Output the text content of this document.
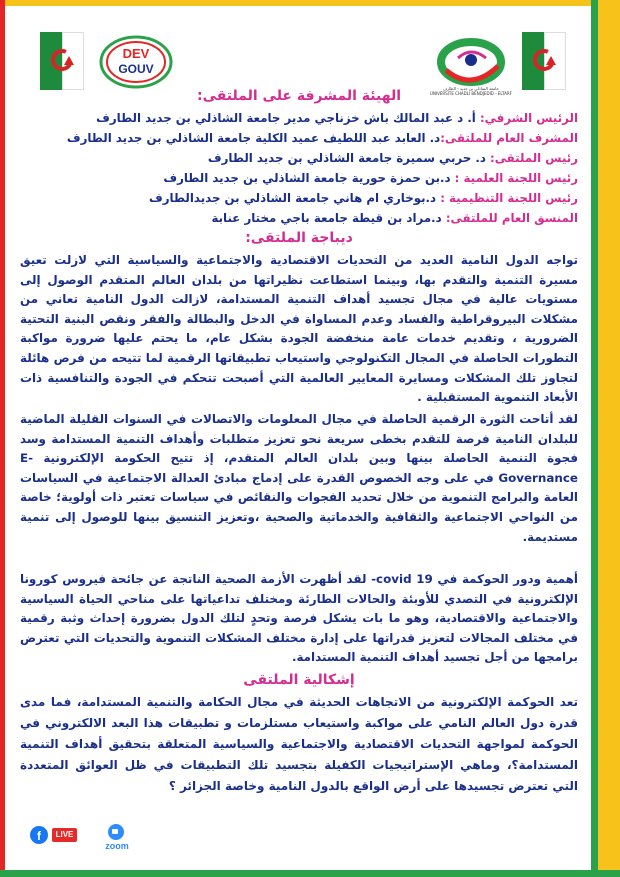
DEV
GOUV
جامعة الشاذلي بن جديد - الطارف
UNIVERSITE CHADLI BENDJEDID - ELTARF
الهيئة المشرفة على الملتقى:
الرئيس الشرفي: أ. د عبد المالك باش خزناجي مدير جامعة الشاذلي بن جديد الطارف
المشرف العام للملتقى:د. العابد عبد اللطيف عميد الكلية جامعة الشاذلي بن جديد الطارف
رئيس الملتقى: د. حربي سميرة جامعة الشاذلي بن جديد الطارف
رئيس اللجنة العلمية : د.بن حمزة حورية جامعة الشاذلي بن جديد الطارف
رئيس اللجنة التنظيمية : د.بوخاري ام هاني جامعة الشاذلي بن جديدالطارف
المنسق العام للملتقى: د.مراد بن قيطة جامعة باجي مختار عنابة
ديباجة الملتقى:
تواجه الدول النامية العديد من التحديات الاقتصادية والاجتماعية والسياسية التي لازلت تعيق مسيرة التنمية والتقدم بها، وبينما استطاعت نظيراتها من بلدان العالم المتقدم الوصول إلى مستويات عالية في مجال تجسيد أهداف التنمية المستدامة، لازالت الدول النامية تعاني من مشكلات البيروقراطية والفساد وعدم المساواة في الدخل والبطالة والفقر ونقص البنية التحتية الضرورية ، وتقديم خدمات عامة منخفضة الجودة بشكل عام، ما يحتم عليها ضرورة مواكبة التطورات الحاصلة في المجال التكنولوجي واستيعاب تطبيقاتها الرقمية لما تتيحه من فرص هائلة لتجاوز تلك المشكلات ومسايرة المعايير العالمية التي أصبحت تتحكم في الجودة والتنافسية ذات الأبعاد التنموية المستقبلية .
لقد أتاحت الثورة الرقمية الحاصلة في مجال المعلومات والاتصالات في السنوات القليلة الماضية للبلدان النامية فرصة للتقدم بخطى سريعة نحو تعزيز متطلبات وأهداف التنمية المستدامة وسد فجوة التنمية الحاصلة بينها وبين بلدان العالم المتقدم، إذ تتيح الحكومة الإلكترونية E-Governance في على وجه الخصوص القدرة على إدماج مبادئ العدالة الاجتماعية في السياسات العامة والبرامج التنموية من خلال تحديد الفجوات والنقائص في سياسات تعتبر ذات أولوية؛ خاصة من النواحي الاجتماعية والثقافية والخدماتية والصحية ،وتعزيز التنسيق بينها للوصول إلى تنمية مستديمة.
أهمية ودور الحوكمة في covid 19- لقد أظهرت الأزمة الصحية الناتجة عن جائحة فيروس كورونا الإلكترونية في التصدي للأوبئة والحالات الطارئة ومختلف تداعياتها على مناحي الحياة السياسية والاجتماعية والاقتصادية، وهو ما بات يشكل فرصة وتحدٍ لتلك الدول بضرورة إحداث وثبة رقمية في مختلف المجالات لتعزيز قدراتها على إدارة مختلف المشكلات التنموية والتحديات التي تعترض برامجها من أجل تجسيد أهداف التنمية المستدامة.
إشكالية الملتقى
تعد الحوكمة الإلكترونية من الاتجاهات الحديثة في مجال الحكامة والتنمية المستدامة، فما مدى قدرة دول العالم النامي على مواكبة واستيعاب مستلزمات و تطبيقات هذا البعد الالكتروني في الحوكمة لمواجهة التحديات الاقتصادية والاجتماعية والسياسية المتعلقة بتحقيق أهداف التنمية المستدامة؟، وماهي الإستراتيجيات الكفيلة بتجسيد تلك التطبيقات في ظل العوائق المتعددة التي تعترض تجسيدها على أرض الواقع بالدول النامية وخاصة الجزائر ؟
f	LIVE
zoom
